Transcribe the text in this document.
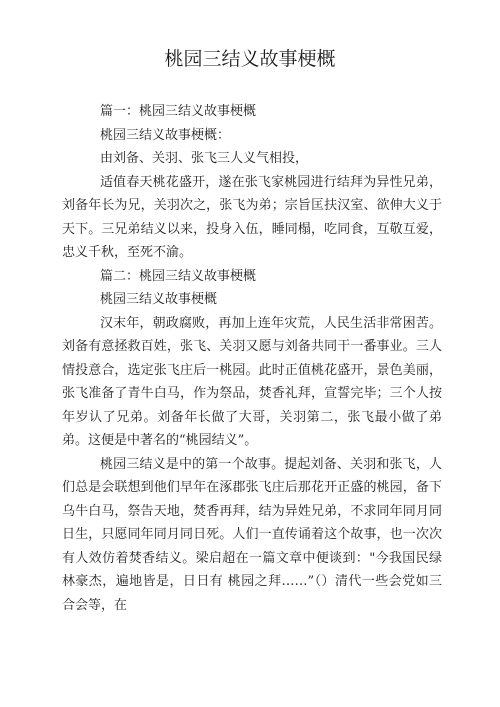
桃园三结义故事梗概

篇一：桃园三结义故事梗概

桃园三结义故事梗概：

由刘备、关羽、张飞三人义气相投，

适值春天桃花盛开，遂在张飞家桃园进行结拜为异性兄弟，刘备年长为兄，关羽次之，张飞为弟；宗旨匡扶汉室、欲伸大义于天下。三兄弟结义以来，投身入伍，睡同榻，吃同食，互敬互爱，忠义千秋，至死不渝。

篇二：桃园三结义故事梗概

桃园三结义故事梗概

汉末年，朝政腐败，再加上连年灾荒，人民生活非常困苦。刘备有意拯救百姓，张飞、关羽又愿与刘备共同干一番事业。三人情投意合，选定张飞庄后一桃园。此时正值桃花盛开，景色美丽，张飞准备了青牛白马，作为祭品，焚香礼拜，宣誓完毕；三个人按年岁认了兄弟。刘备年长做了大哥，关羽第二，张飞最小做了弟弟。这便是中著名的“桃园结义”。

桃园三结义是中的第一个故事。提起刘备、关羽和张飞，人们总是会联想到他们早年在涿郡张飞庄后那花开正盛的桃园，备下乌牛白马，祭告天地，焚香再拜，结为异姓兄弟，不求同年同月同日生，只愿同年同月同日死。人们一直传诵着这个故事，也一次次有人效仿着焚香结义。梁启超在一篇文章中便谈到："今我国民绿林豪杰，遍地皆是，日日有 桃园之拜……”（）清代一些会党如三合会等，在
